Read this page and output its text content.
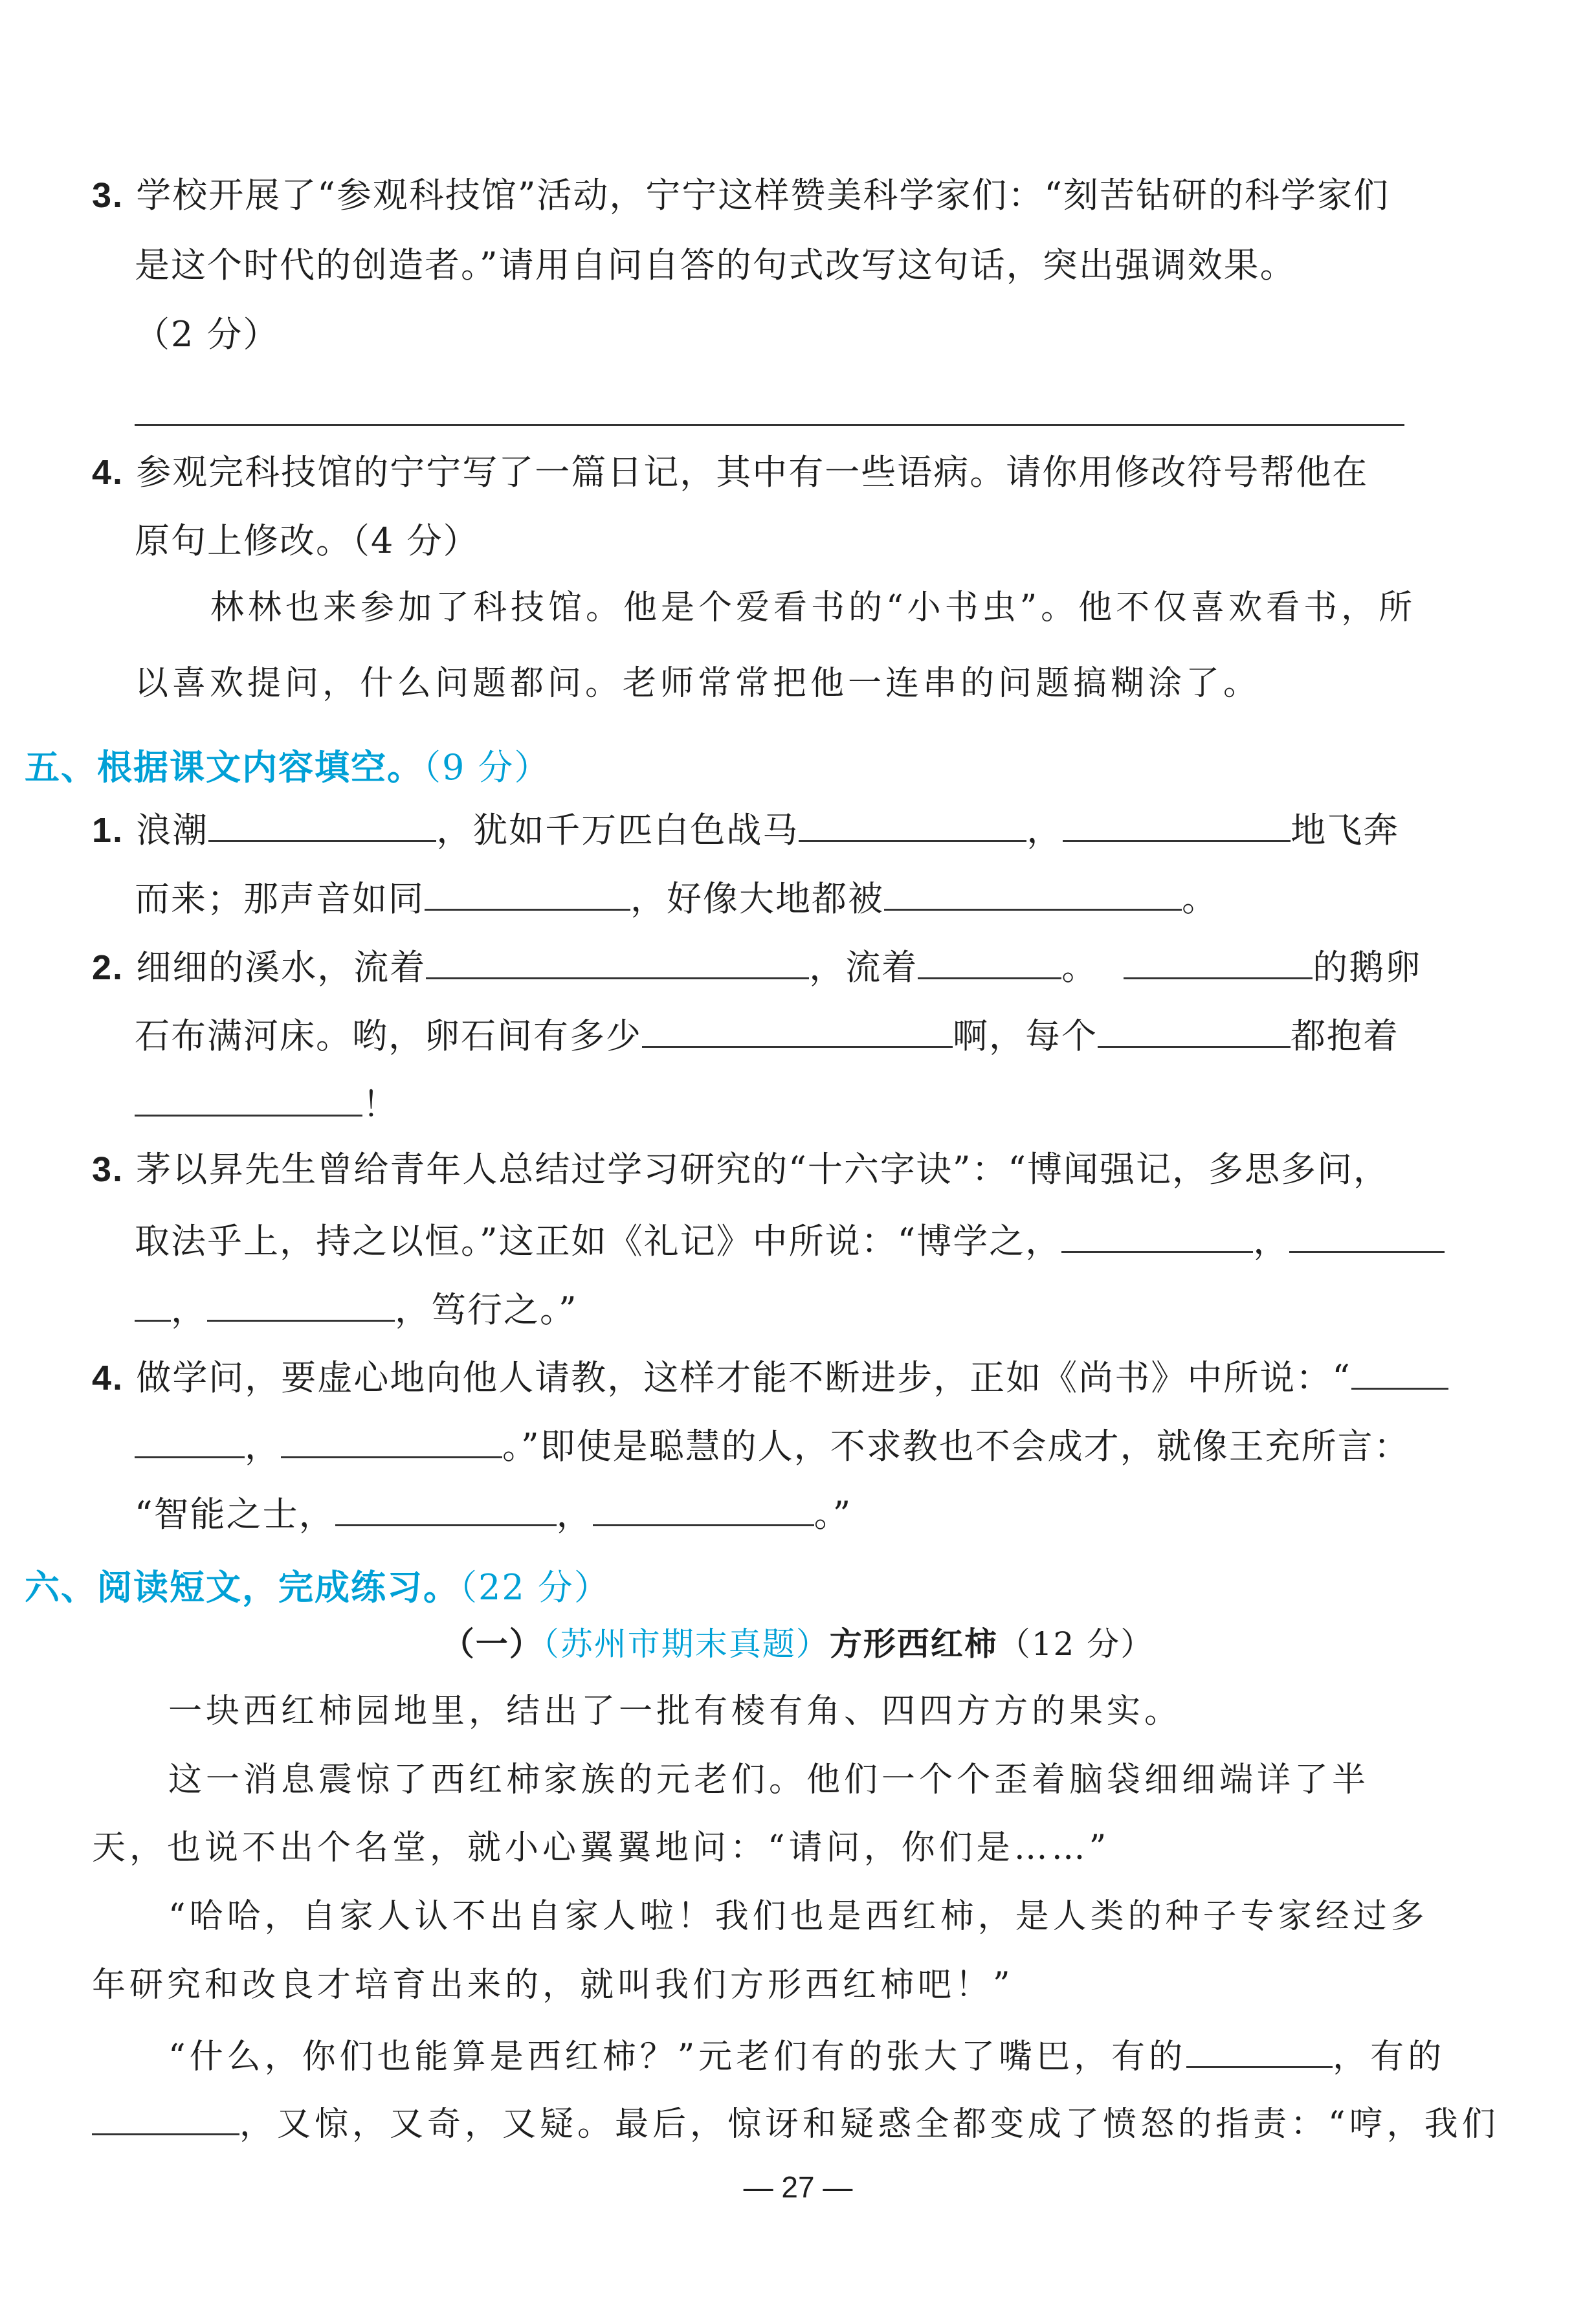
3. 学校开展了“参观科技馆”活动，宁宁这样赞美科学家们：“刻苦钻研的科学家们
是这个时代的创造者。”请用自问自答的句式改写这句话，突出强调效果。
（2 分）
4. 参观完科技馆的宁宁写了一篇日记，其中有一些语病。请你用修改符号帮他在
原句上修改。（4 分）
林林也来参加了科技馆。他是个爱看书的“小书虫”。他不仅喜欢看书，所
以喜欢提问，什么问题都问。老师常常把他一连串的问题搞糊涂了。
五、根据课文内容填空。（9 分）
1. 浪潮	，犹如千万匹白色战马	，	地飞奔
而来；那声音如同	，好像大地都被	。
2. 细细的溪水，流着	，流着	。	的鹅卵
石布满河床。哟，卵石间有多少	啊，每个	都抱着
！
3. 茅以昇先生曾给青年人总结过学习研究的“十六字诀”：“博闻强记，多思多问，
取法乎上，持之以恒。”这正如《礼记》中所说：“博学之，	，
，	，笃行之。”
4. 做学问，要虚心地向他人请教，这样才能不断进步，正如《尚书》中所说：“
，	。”即使是聪慧的人，不求教也不会成才，就像王充所言：
“智能之士，	，	。”
六、阅读短文，完成练习。（22 分）
（一）（苏州市期末真题）方形西红柿（12 分）
一块西红柿园地里，结出了一批有棱有角、四四方方的果实。
这一消息震惊了西红柿家族的元老们。他们一个个歪着脑袋细细端详了半
天，也说不出个名堂，就小心翼翼地问：“请问，你们是……”
“哈哈，自家人认不出自家人啦！我们也是西红柿，是人类的种子专家经过多
年研究和改良才培育出来的，就叫我们方形西红柿吧！”
“什么，你们也能算是西红柿？”元老们有的张大了嘴巴，有的	，有的
，又惊，又奇，又疑。最后，惊讶和疑惑全都变成了愤怒的指责：“哼，我们
— 27 —
